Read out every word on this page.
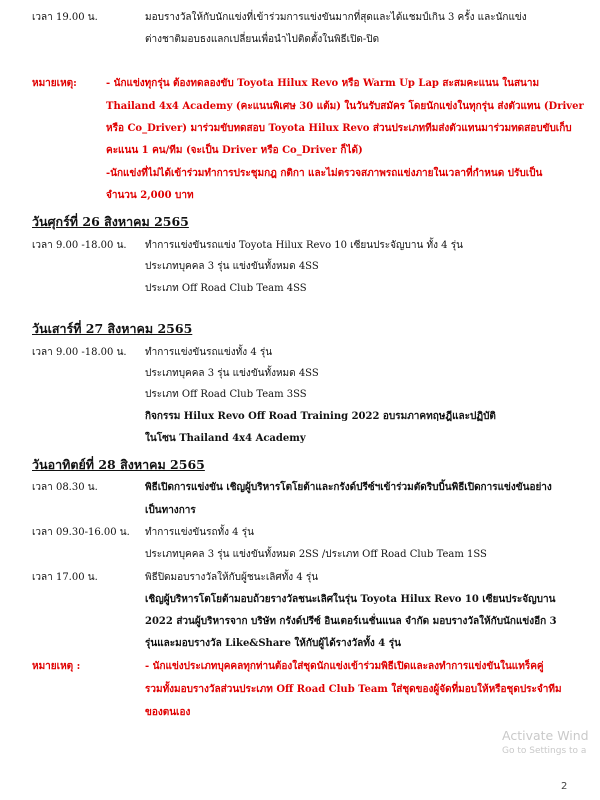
เวลา 19.00 น.	มอบรางวัลให้กับนักแข่งที่เข้าร่วมการแข่งขันมากที่สุดและได้แชมป์เกิน 3 ครั้ง และนักแข่ง
ต่างชาติมอบธงแลกเปลี่ยนเพื่อนำไปติดตั้งในพิธีเปิด-ปิด
หมายเหตุ:	- นักแข่งทุกรุ่น ต้องทดลองขับ Toyota Hilux Revo หรือ Warm Up Lap สะสมคะแนน ในสนาม
Thailand 4x4 Academy (คะแนนพิเศษ 30 แต้ม) ในวันรับสมัคร โดยนักแข่งในทุกรุ่น ส่งตัวแทน (Driver
หรือ Co_Driver) มาร่วมขับทดสอบ Toyota Hilux Revo ส่วนประเภททีมส่งตัวแทนมาร่วมทดสอบขับเก็บ
คะแนน 1 คน/ทีม (จะเป็น Driver หรือ Co_Driver ก็ได้)
-นักแข่งที่ไม่ได้เข้าร่วมทำการประชุมกฎ กติกา และไม่ตรวจสภาพรถแข่งภายในเวลาที่กำหนด ปรับเป็น
จำนวน 2,000 บาท
วันศุกร์ที่ 26 สิงหาคม 2565
เวลา 9.00 -18.00 น. ทำการแข่งขันรถแข่ง Toyota Hilux Revo 10 เซียนประจัญบาน ทั้ง 4 รุ่น
ประเภทบุคคล 3 รุ่น แข่งขันทั้งหมด 4SS
ประเภท Off Road Club Team 4SS
วันเสาร์ที่ 27 สิงหาคม 2565
เวลา 9.00 -18.00 น. ทำการแข่งขันรถแข่งทั้ง 4 รุ่น
ประเภทบุคคล 3 รุ่น แข่งขันทั้งหมด 4SS
ประเภท Off Road Club Team 3SS
กิจกรรม Hilux Revo Off Road Training 2022 อบรมภาคทฤษฎีและปฏิบัติ
ในโซน Thailand 4x4 Academy
วันอาทิตย์ที่ 28 สิงหาคม 2565
เวลา 08.30 น.	พิธีเปิดการแข่งขัน เชิญผู้บริหารโตโยต้าและกรังด์ปรีซ์ฯเข้าร่วมตัดริบบิ้นพิธีเปิดการแข่งขันอย่าง
เป็นทางการ
เวลา 09.30-16.00 น. ทำการแข่งขันรถทั้ง 4 รุ่น
ประเภทบุคคล 3 รุ่น แข่งขันทั้งหมด 2SS /ประเภท Off Road Club Team 1SS
เวลา 17.00 น.	พิธีปิดมอบรางวัลให้กับผู้ชนะเลิศทั้ง 4 รุ่น
เชิญผู้บริหารโตโยต้ามอบถ้วยรางวัลชนะเลิศในรุ่น Toyota Hilux Revo 10 เซียนประจัญบาน
2022 ส่วนผู้บริหารจาก บริษัท กรังด์ปรีซ์ อินเตอร์เนชั่นแนล จำกัด มอบรางวัลให้กับนักแข่งอีก 3
รุ่นและมอบรางวัล Like&Share ให้กับผู้ได้รางวัลทั้ง 4 รุ่น
หมายเหตุ :	- นักแข่งประเภทบุคคลทุกท่านต้องใส่ชุดนักแข่งเข้าร่วมพิธีเปิดและลงทำการแข่งขันในแทร็คคู่
รวมทั้งมอบรางวัลส่วนประเภท Off Road Club Team ใส่ชุดของผู้จัดที่มอบให้หรือชุดประจำทีม
ของตนเอง
Activate Wind
Go to Settings to a
2
